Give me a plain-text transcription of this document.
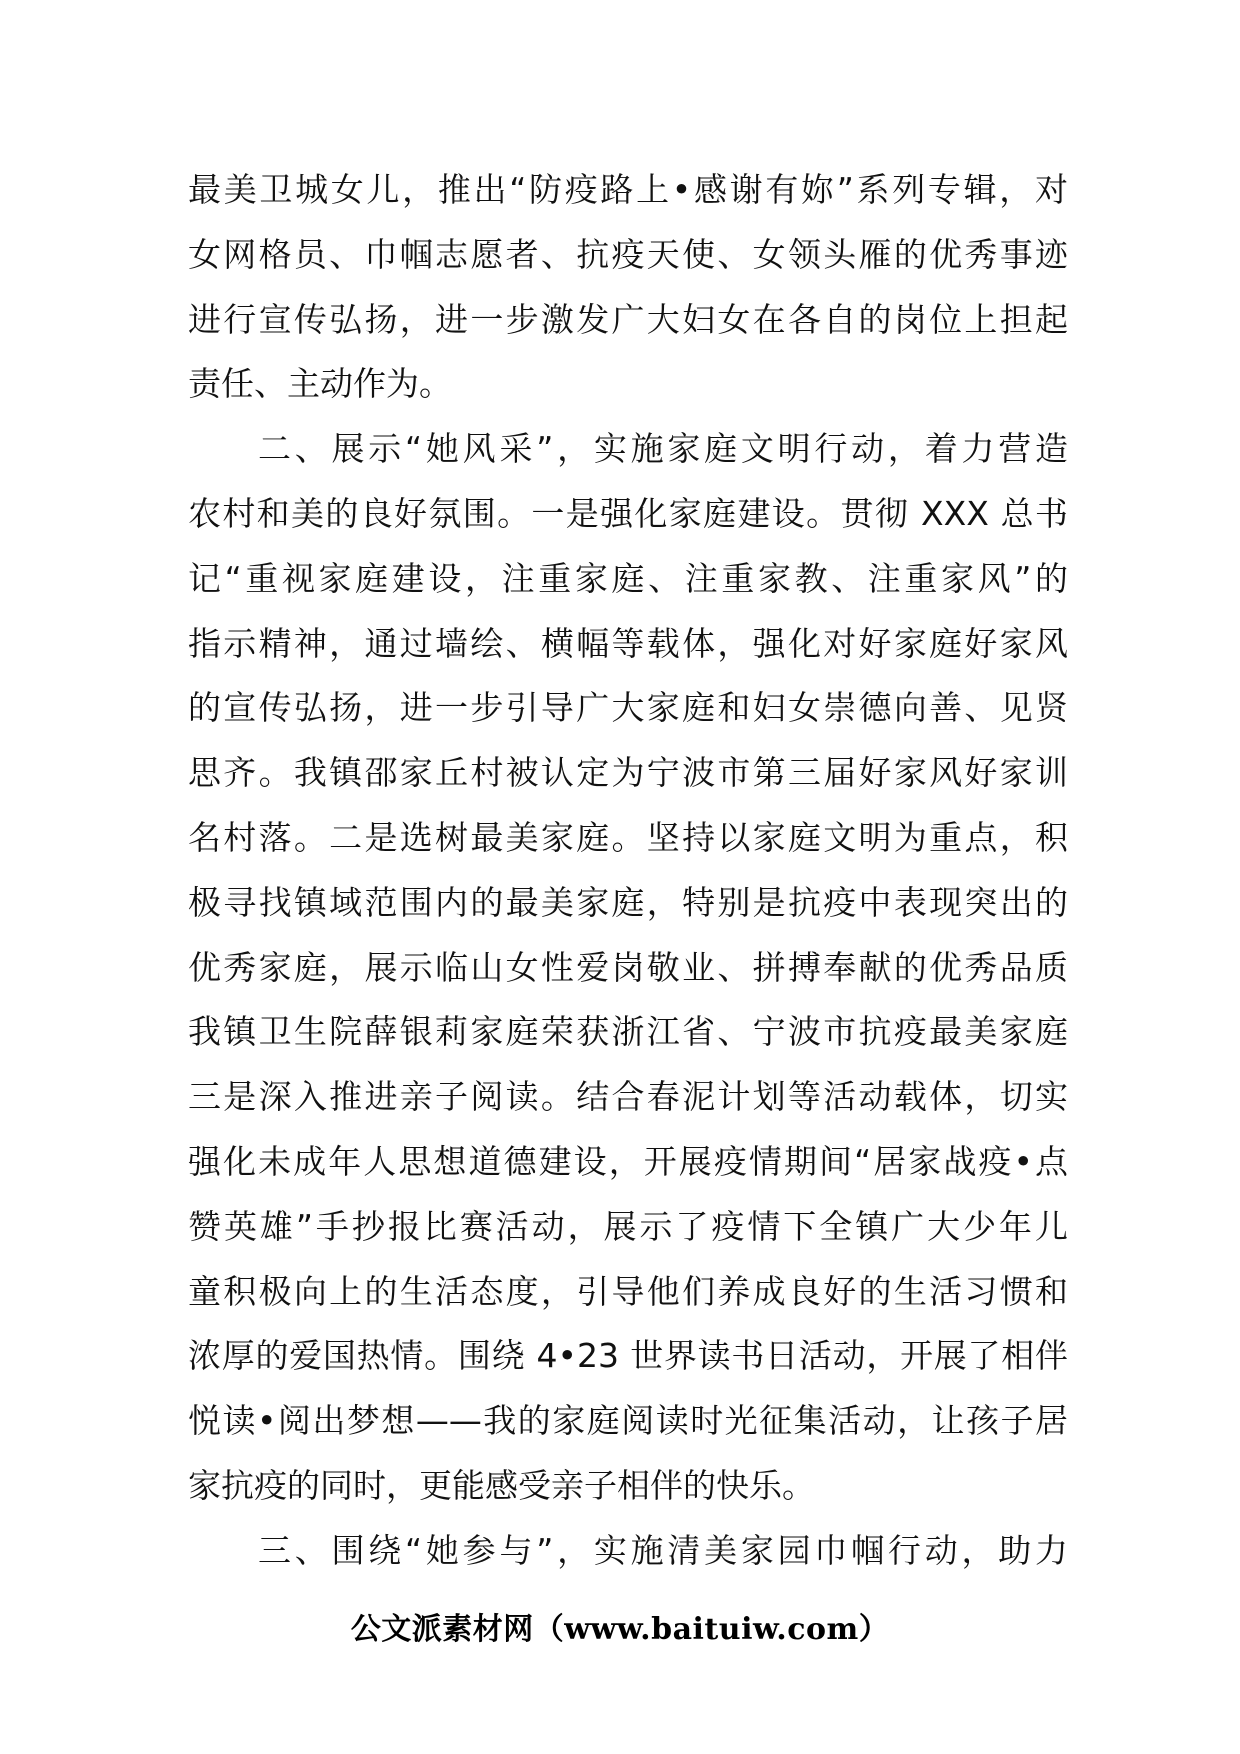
最美卫城女儿，推出“防疫路上•感谢有妳”系列专辑，对
女网格员、巾帼志愿者、抗疫天使、女领头雁的优秀事迹
进行宣传弘扬，进一步激发广大妇女在各自的岗位上担起
责任、主动作为。
二、展示“她风采”，实施家庭文明行动，着力营造
农村和美的良好氛围。一是强化家庭建设。贯彻 XXX 总书
记“重视家庭建设，注重家庭、注重家教、注重家风”的
指示精神，通过墙绘、横幅等载体，强化对好家庭好家风
的宣传弘扬，进一步引导广大家庭和妇女崇德向善、见贤
思齐。我镇邵家丘村被认定为宁波市第三届好家风好家训
名村落。二是选树最美家庭。坚持以家庭文明为重点，积
极寻找镇域范围内的最美家庭，特别是抗疫中表现突出的
优秀家庭，展示临山女性爱岗敬业、拼搏奉献的优秀品质
我镇卫生院薛银莉家庭荣获浙江省、宁波市抗疫最美家庭
三是深入推进亲子阅读。结合春泥计划等活动载体，切实
强化未成年人思想道德建设，开展疫情期间“居家战疫•点
赞英雄”手抄报比赛活动，展示了疫情下全镇广大少年儿
童积极向上的生活态度，引导他们养成良好的生活习惯和
浓厚的爱国热情。围绕 4•23 世界读书日活动，开展了相伴
悦读•阅出梦想——我的家庭阅读时光征集活动，让孩子居
家抗疫的同时，更能感受亲子相伴的快乐。
三、围绕“她参与”，实施清美家园巾帼行动，助力
公文派素材网（www.baituiw.com）
